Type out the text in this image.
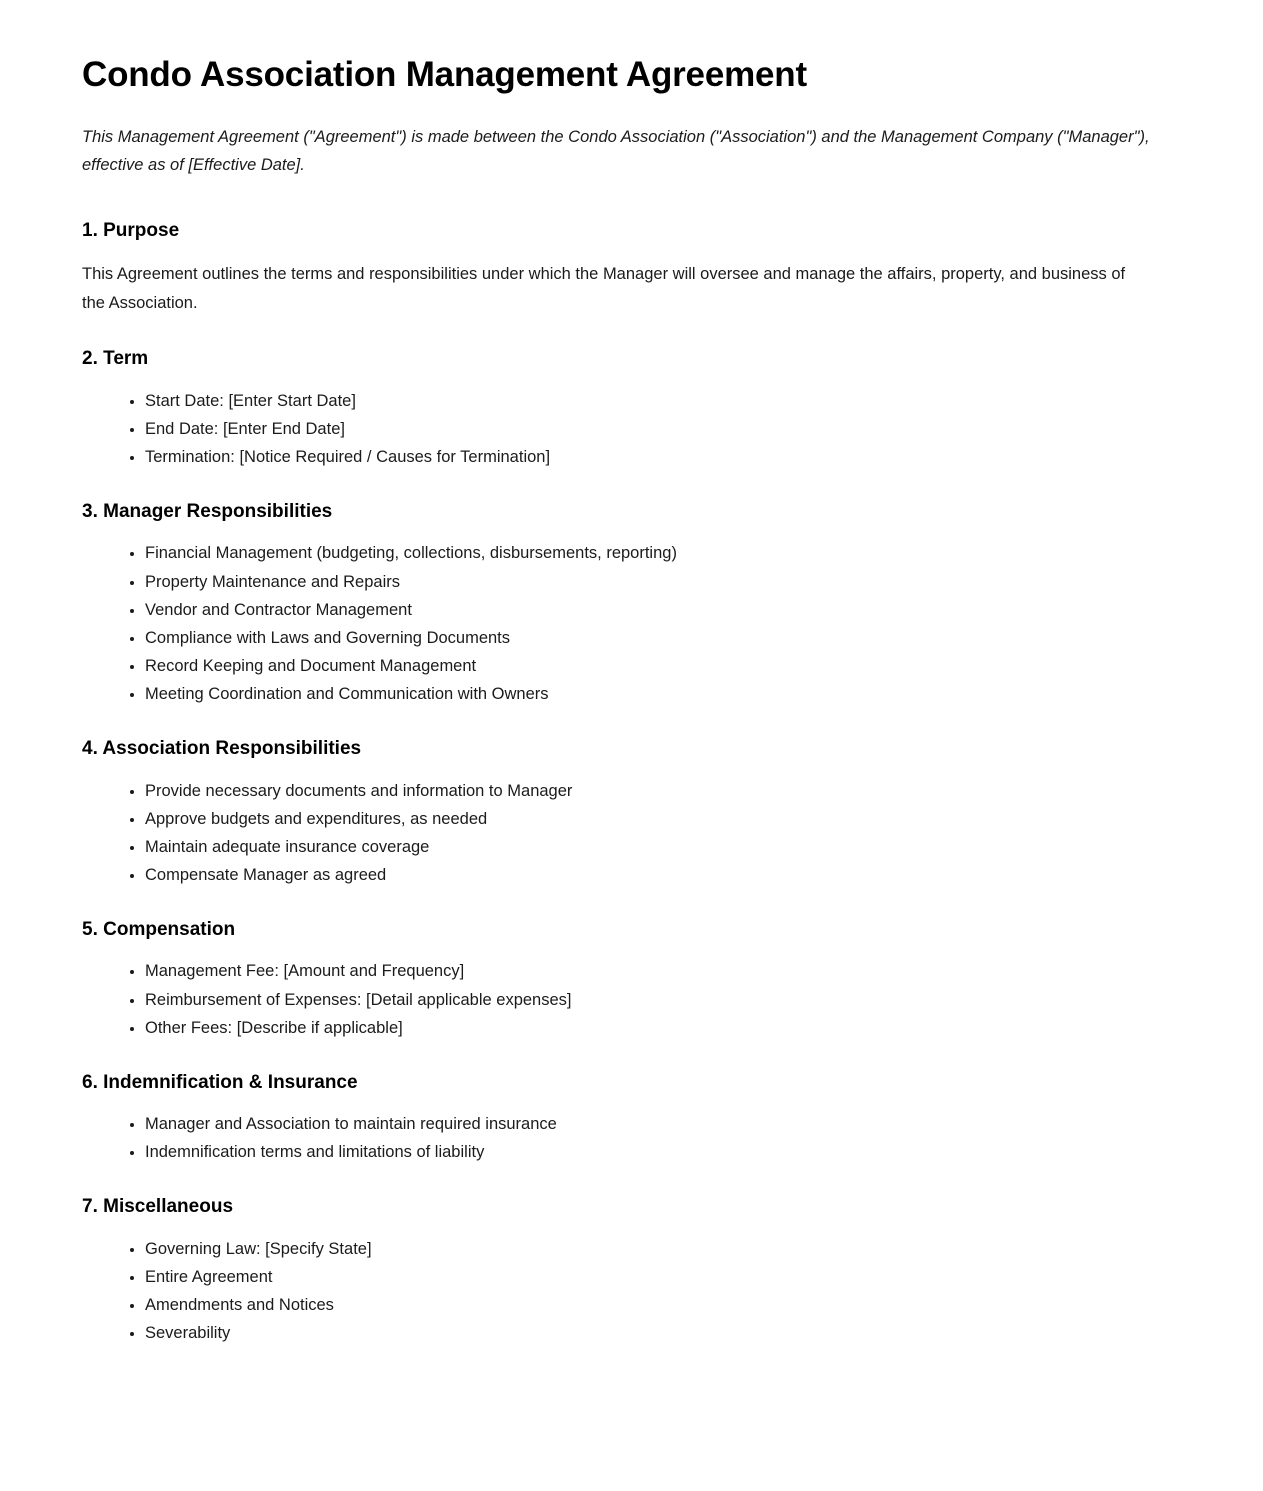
Condo Association Management Agreement

This Management Agreement ("Agreement") is made between the Condo Association ("Association") and the Management Company ("Manager"), effective as of [Effective Date].

1. Purpose

This Agreement outlines the terms and responsibilities under which the Manager will oversee and manage the affairs, property, and business of the Association.

2. Term
• Start Date: [Enter Start Date]
• End Date: [Enter End Date]
• Termination: [Notice Required / Causes for Termination]
3. Manager Responsibilities
• Financial Management (budgeting, collections, disbursements, reporting)
• Property Maintenance and Repairs
• Vendor and Contractor Management
• Compliance with Laws and Governing Documents
• Record Keeping and Document Management
• Meeting Coordination and Communication with Owners
4. Association Responsibilities
• Provide necessary documents and information to Manager
• Approve budgets and expenditures, as needed
• Maintain adequate insurance coverage
• Compensate Manager as agreed
5. Compensation
• Management Fee: [Amount and Frequency]
• Reimbursement of Expenses: [Detail applicable expenses]
• Other Fees: [Describe if applicable]
6. Indemnification & Insurance
• Manager and Association to maintain required insurance
• Indemnification terms and limitations of liability
7. Miscellaneous
• Governing Law: [Specify State]
• Entire Agreement
• Amendments and Notices
• Severability
